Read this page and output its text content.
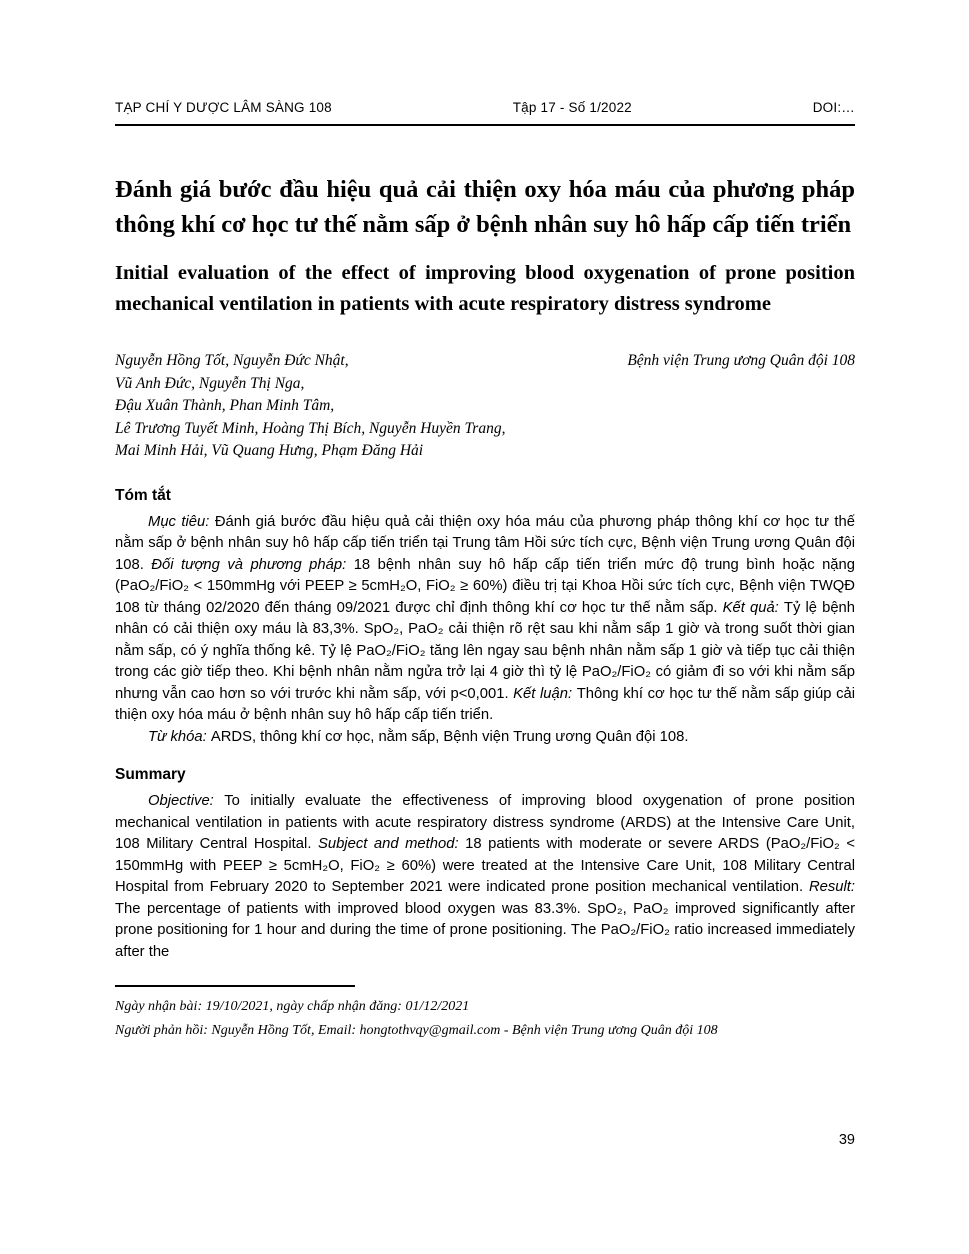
TẠP CHÍ Y DƯỢC LÂM SÀNG 108	Tập 17 - Số 1/2022	DOI:…
Đánh giá bước đầu hiệu quả cải thiện oxy hóa máu của phương pháp thông khí cơ học tư thế nằm sấp ở bệnh nhân suy hô hấp cấp tiến triển
Initial evaluation of the effect of improving blood oxygenation of prone position mechanical ventilation in patients with acute respiratory distress syndrome
Bệnh viện Trung ương Quân đội 108
Nguyễn Hồng Tốt, Nguyễn Đức Nhật,
Vũ Anh Đức, Nguyễn Thị Nga,
Đậu Xuân Thành, Phan Minh Tâm,
Lê Trương Tuyết Minh, Hoàng Thị Bích, Nguyễn Huyền Trang,
Mai Minh Hải, Vũ Quang Hưng, Phạm Đăng Hải
Tóm tắt

Mục tiêu: Đánh giá bước đầu hiệu quả cải thiện oxy hóa máu của phương pháp thông khí cơ học tư thế nằm sấp ở bệnh nhân suy hô hấp cấp tiến triển tại Trung tâm Hồi sức tích cực, Bệnh viện Trung ương Quân đội 108. Đối tượng và phương pháp: 18 bệnh nhân suy hô hấp cấp tiến triển mức độ trung bình hoặc nặng (PaO₂/FiO₂ < 150mmHg với PEEP ≥ 5cmH₂O, FiO₂ ≥ 60%) điều trị tại Khoa Hồi sức tích cực, Bệnh viện TWQĐ 108 từ tháng 02/2020 đến tháng 09/2021 được chỉ định thông khí cơ học tư thế nằm sấp. Kết quả: Tỷ lệ bệnh nhân có cải thiện oxy máu là 83,3%. SpO₂, PaO₂ cải thiện rõ rệt sau khi nằm sấp 1 giờ và trong suốt thời gian nằm sấp, có ý nghĩa thống kê. Tỷ lệ PaO₂/FiO₂ tăng lên ngay sau bệnh nhân nằm sấp 1 giờ và tiếp tục cải thiện trong các giờ tiếp theo. Khi bệnh nhân nằm ngửa trở lại 4 giờ thì tỷ lệ PaO₂/FiO₂ có giảm đi so với khi nằm sấp nhưng vẫn cao hơn so với trước khi nằm sấp, với p<0,001. Kết luận: Thông khí cơ học tư thế nằm sấp giúp cải thiện oxy hóa máu ở bệnh nhân suy hô hấp cấp tiến triển.

Từ khóa: ARDS, thông khí cơ học, nằm sấp, Bệnh viện Trung ương Quân đội 108.

Summary

Objective: To initially evaluate the effectiveness of improving blood oxygenation of prone position mechanical ventilation in patients with acute respiratory distress syndrome (ARDS) at the Intensive Care Unit, 108 Military Central Hospital. Subject and method: 18 patients with moderate or severe ARDS (PaO₂/FiO₂ < 150mmHg with PEEP ≥ 5cmH₂O, FiO₂ ≥ 60%) were treated at the Intensive Care Unit, 108 Military Central Hospital from February 2020 to September 2021 were indicated prone position mechanical ventilation. Result: The percentage of patients with improved blood oxygen was 83.3%. SpO₂, PaO₂ improved significantly after prone positioning for 1 hour and during the time of prone positioning. The PaO₂/FiO₂ ratio increased immediately after the

Ngày nhận bài: 19/10/2021, ngày chấp nhận đăng: 01/12/2021
Người phản hồi: Nguyễn Hồng Tốt, Email: hongtothvqy@gmail.com - Bệnh viện Trung ương Quân đội 108
39
